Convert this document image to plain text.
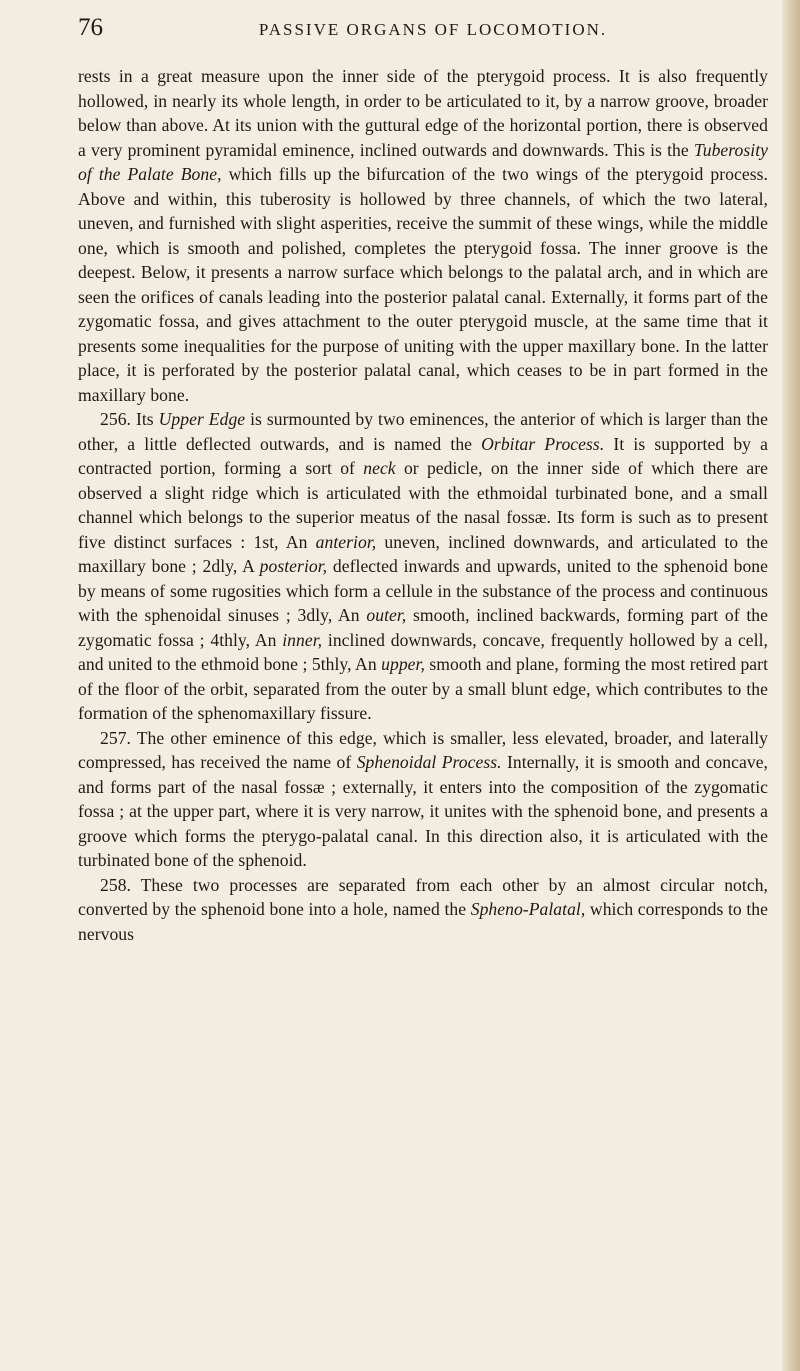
76	PASSIVE ORGANS OF LOCOMOTION.

rests in a great measure upon the inner side of the pterygoid process. It is also frequently hollowed, in nearly its whole length, in order to be articulated to it, by a narrow groove, broader below than above. At its union with the guttural edge of the horizontal portion, there is observed a very prominent pyramidal eminence, inclined outwards and downwards. This is the Tuberosity of the Palate Bone, which fills up the bifurcation of the two wings of the pterygoid process. Above and within, this tuberosity is hollowed by three channels, of which the two lateral, uneven, and furnished with slight asperities, receive the summit of these wings, while the middle one, which is smooth and polished, completes the pterygoid fossa. The inner groove is the deepest. Below, it presents a narrow surface which belongs to the palatal arch, and in which are seen the orifices of canals leading into the posterior palatal canal. Externally, it forms part of the zygomatic fossa, and gives attachment to the outer pterygoid muscle, at the same time that it presents some inequalities for the purpose of uniting with the upper maxillary bone. In the latter place, it is perforated by the posterior palatal canal, which ceases to be in part formed in the maxillary bone.

256. Its Upper Edge is surmounted by two eminences, the anterior of which is larger than the other, a little deflected outwards, and is named the Orbitar Process. It is supported by a contracted portion, forming a sort of neck or pedicle, on the inner side of which there are observed a slight ridge which is articulated with the ethmoidal turbinated bone, and a small channel which belongs to the superior meatus of the nasal fossæ. Its form is such as to present five distinct surfaces : 1st, An anterior, uneven, inclined downwards, and articulated to the maxillary bone ; 2dly, A posterior, deflected inwards and upwards, united to the sphenoid bone by means of some rugosities which form a cellule in the substance of the process and continuous with the sphenoidal sinuses ; 3dly, An outer, smooth, inclined backwards, forming part of the zygomatic fossa ; 4thly, An inner, inclined downwards, concave, frequently hollowed by a cell, and united to the ethmoid bone ; 5thly, An upper, smooth and plane, forming the most retired part of the floor of the orbit, separated from the outer by a small blunt edge, which contributes to the formation of the sphenomaxillary fissure.

257. The other eminence of this edge, which is smaller, less elevated, broader, and laterally compressed, has received the name of Sphenoidal Process. Internally, it is smooth and concave, and forms part of the nasal fossæ ; externally, it enters into the composition of the zygomatic fossa ; at the upper part, where it is very narrow, it unites with the sphenoid bone, and presents a groove which forms the pterygo-palatal canal. In this direction also, it is articulated with the turbinated bone of the sphenoid.

258. These two processes are separated from each other by an almost circular notch, converted by the sphenoid bone into a hole, named the Spheno-Palatal, which corresponds to the nervous
